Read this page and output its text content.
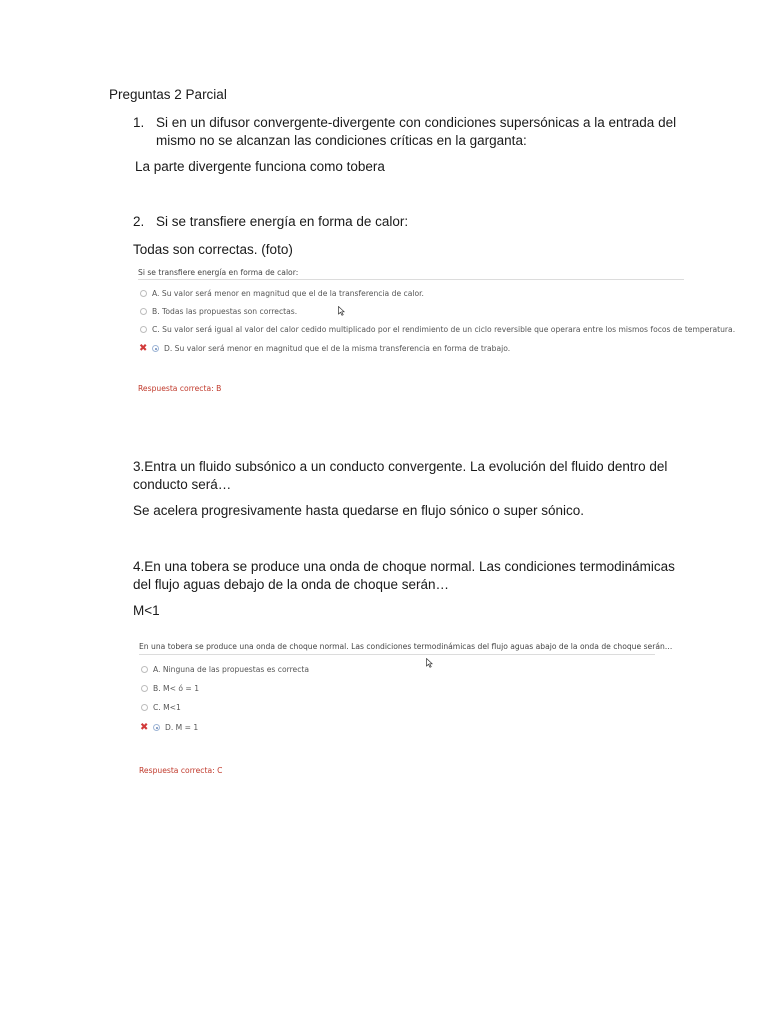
Preguntas 2 Parcial
1. Si en un difusor convergente-divergente con condiciones supersónicas a la entrada del
mismo no se alcanzan las condiciones críticas en la garganta:
La parte divergente funciona como tobera
2. Si se transfiere energía en forma de calor:
Todas son correctas. (foto)
Si se transfiere energía en forma de calor:
A. Su valor será menor en magnitud que el de la transferencia de calor.
B. Todas las propuestas son correctas.
C. Su valor será igual al valor del calor cedido multiplicado por el rendimiento de un ciclo reversible que operara entre los mismos focos de temperatura.
✖ D. Su valor será menor en magnitud que el de la misma transferencia en forma de trabajo.
Respuesta correcta: B
3.Entra un fluido subsónico a un conducto convergente. La evolución del fluido dentro del
conducto será…
Se acelera progresivamente hasta quedarse en flujo sónico o super sónico.
4.En una tobera se produce una onda de choque normal. Las condiciones termodinámicas
del flujo aguas debajo de la onda de choque serán…
M<1
En una tobera se produce una onda de choque normal. Las condiciones termodinámicas del flujo aguas abajo de la onda de choque serán…
A. Ninguna de las propuestas es correcta
B. M< ó = 1
C. M<1
✖ D. M = 1
Respuesta correcta: C
